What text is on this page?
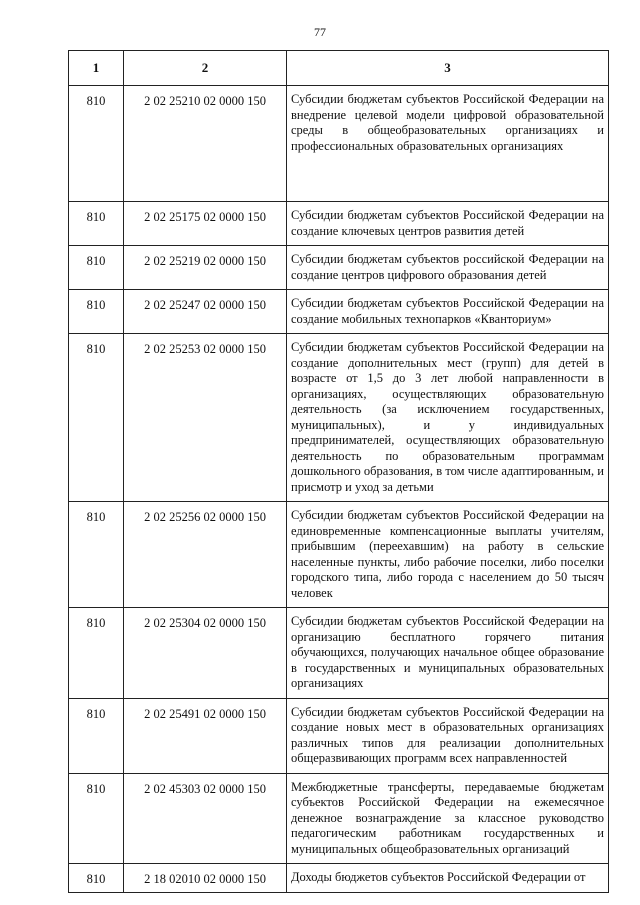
77
1	2	3
810	2 02 25210 02 0000 150	Субсидии бюджетам субъектов Российской Федерации на внедрение целевой модели цифровой образовательной среды в общеобразовательных организациях и профессиональных образовательных организациях
810	2 02 25175 02 0000 150	Субсидии бюджетам субъектов Российской Федерации на создание ключевых центров развития детей
810	2 02 25219 02 0000 150	Субсидии бюджетам субъектов российской Федерации на создание центров цифрового образования детей
810	2 02 25247 02 0000 150	Субсидии бюджетам субъектов Российской Федерации на создание мобильных технопарков «Кванториум»
810	2 02 25253 02 0000 150	Субсидии бюджетам субъектов Российской Федерации на создание дополнительных мест (групп) для детей в возрасте от 1,5 до 3 лет любой направленности в организациях, осуществляющих образовательную деятельность (за исключением государственных, муниципальных), и у индивидуальных предпринимателей, осуществляющих образовательную деятельность по образовательным программам дошкольного образования, в том числе адаптированным, и присмотр и уход за детьми
810	2 02 25256 02 0000 150	Субсидии бюджетам субъектов Российской Федерации на единовременные компенсационные выплаты учителям, прибывшим (переехавшим) на работу в сельские населенные пункты, либо рабочие поселки, либо поселки городского типа, либо города с населением до 50 тысяч человек
810	2 02 25304 02 0000 150	Субсидии бюджетам субъектов Российской Федерации на организацию бесплатного горячего питания обучающихся, получающих начальное общее образование в государственных и муниципальных образовательных организациях
810	2 02 25491 02 0000 150	Субсидии бюджетам субъектов Российской Федерации на создание новых мест в образовательных организациях различных типов для реализации дополнительных общеразвивающих программ всех направленностей
810	2 02 45303 02 0000 150	Межбюджетные трансферты, передаваемые бюджетам субъектов Российской Федерации на ежемесячное денежное вознаграждение за классное руководство педагогическим работникам государственных и муниципальных общеобразовательных организаций
810	2 18 02010 02 0000 150	Доходы бюджетов субъектов Российской Федерации от
